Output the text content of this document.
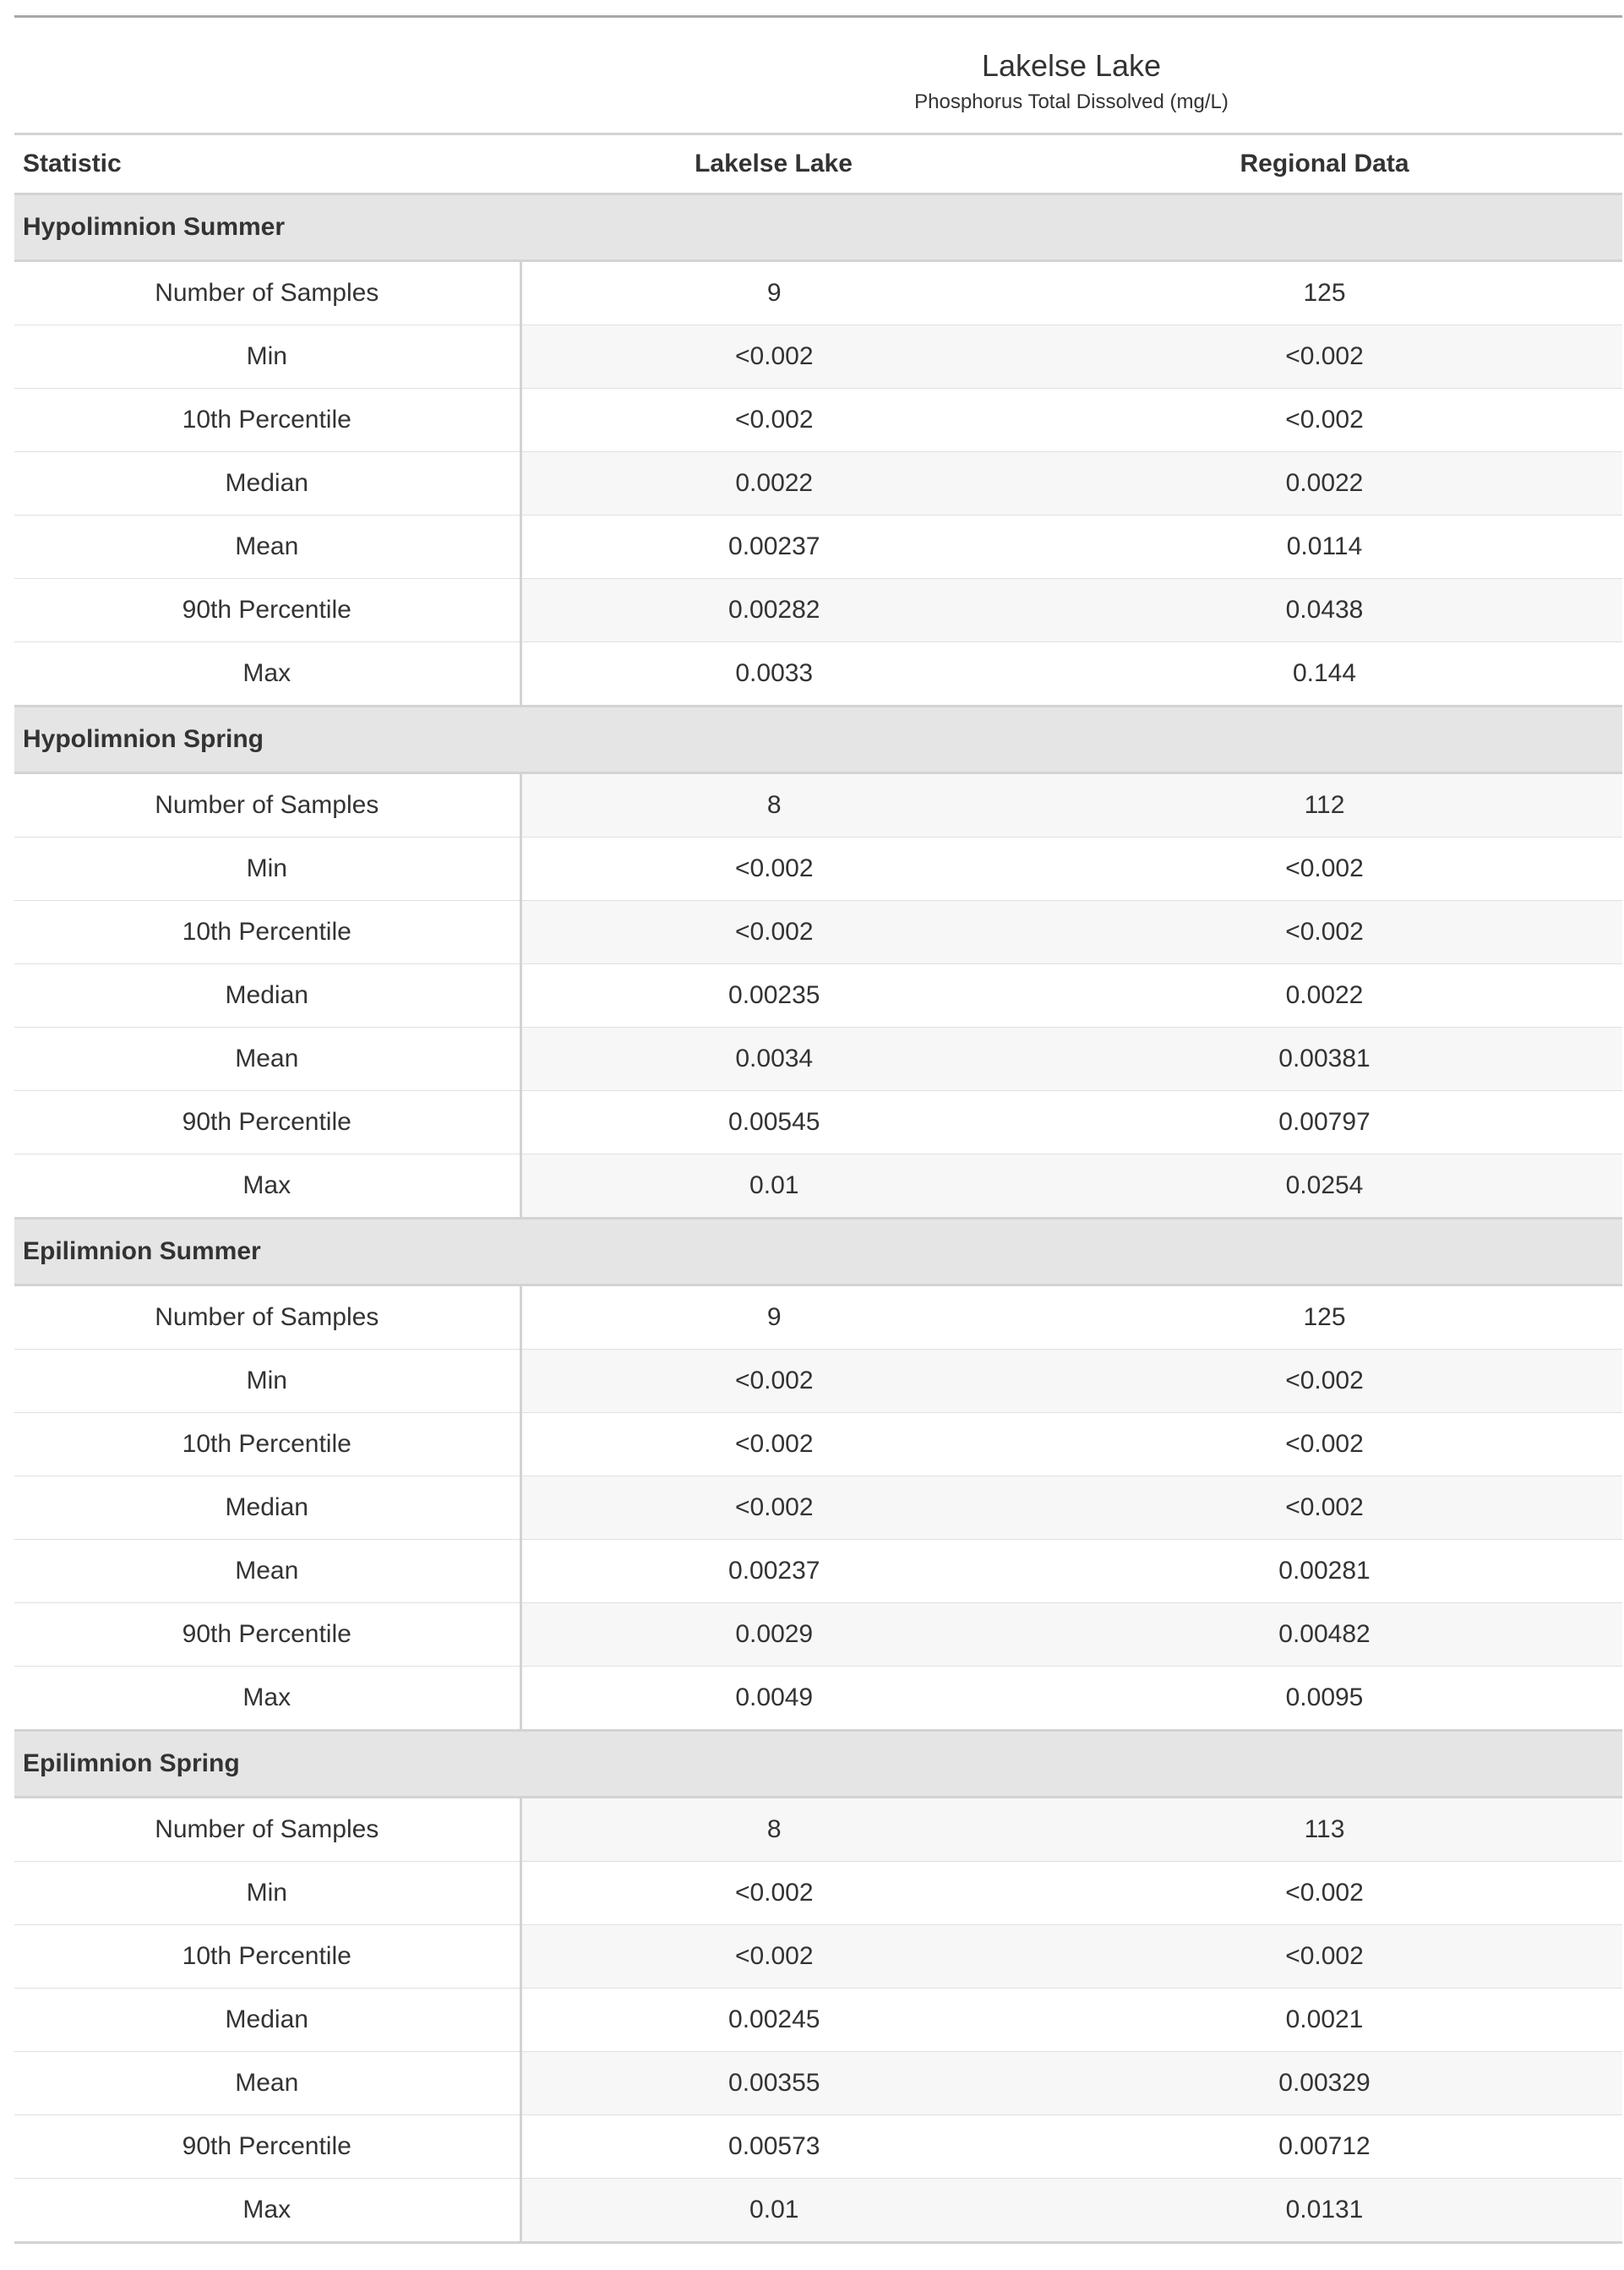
	Lakelse Lake	
	Phosphorus Total Dissolved (mg/L)	
Statistic	Lakelse Lake	Regional Data
Hypolimnion Summer		
Number of Samples	9	125
Min	<0.002	<0.002
10th Percentile	<0.002	<0.002
Median	0.0022	0.0022
Mean	0.00237	0.0114
90th Percentile	0.00282	0.0438
Max	0.0033	0.144
Hypolimnion Spring		
Number of Samples	8	112
Min	<0.002	<0.002
10th Percentile	<0.002	<0.002
Median	0.00235	0.0022
Mean	0.0034	0.00381
90th Percentile	0.00545	0.00797
Max	0.01	0.0254
Epilimnion Summer		
Number of Samples	9	125
Min	<0.002	<0.002
10th Percentile	<0.002	<0.002
Median	<0.002	<0.002
Mean	0.00237	0.00281
90th Percentile	0.0029	0.00482
Max	0.0049	0.0095
Epilimnion Spring		
Number of Samples	8	113
Min	<0.002	<0.002
10th Percentile	<0.002	<0.002
Median	0.00245	0.0021
Mean	0.00355	0.00329
90th Percentile	0.00573	0.00712
Max	0.01	0.0131
